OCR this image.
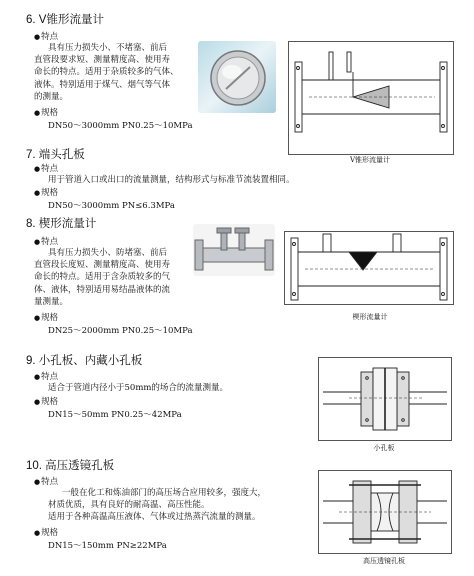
6. V锥形流量计
● 特点
具有压力损失小、不堵塞、前后
直管段要求短、测量精度高、使用寿
命长的特点。适用于杂质较多的气体、
液体。特别适用于煤气、烟气等气体
的测量。
● 规格
DN50～3000mm PN0.25～10MPa
V锥形流量计
7. 端头孔板
● 特点
用于管道入口或出口的流量测量，结构形式与标准节流装置相同。
● 规格
DN50～3000mm PN≤6.3MPa
8. 楔形流量计
● 特点
具有压力损失小、防堵塞、前后
直管段长度短、测量精度高、使用寿
命长的特点。适用于含杂质较多的气
体、液体，特别适用易结晶液体的流
量测量。
● 规格
DN25～2000mm PN0.25～10MPa
楔形流量计
9. 小孔板、内藏小孔板
● 特点
适合于管道内径小于50mm的场合的流量测量。
● 规格
DN15～50mm PN0.25～42MPa
小孔板
10. 高压透镜孔板
● 特点
一般在化工和炼油部门的高压场合应用较多，强度大，
材质优质，具有良好的耐高温、高压性能。
适用于各种高温高压液体、气体或过热蒸汽流量的测量。
● 规格
DN15～150mm PN≥22MPa
高压透镜孔板
